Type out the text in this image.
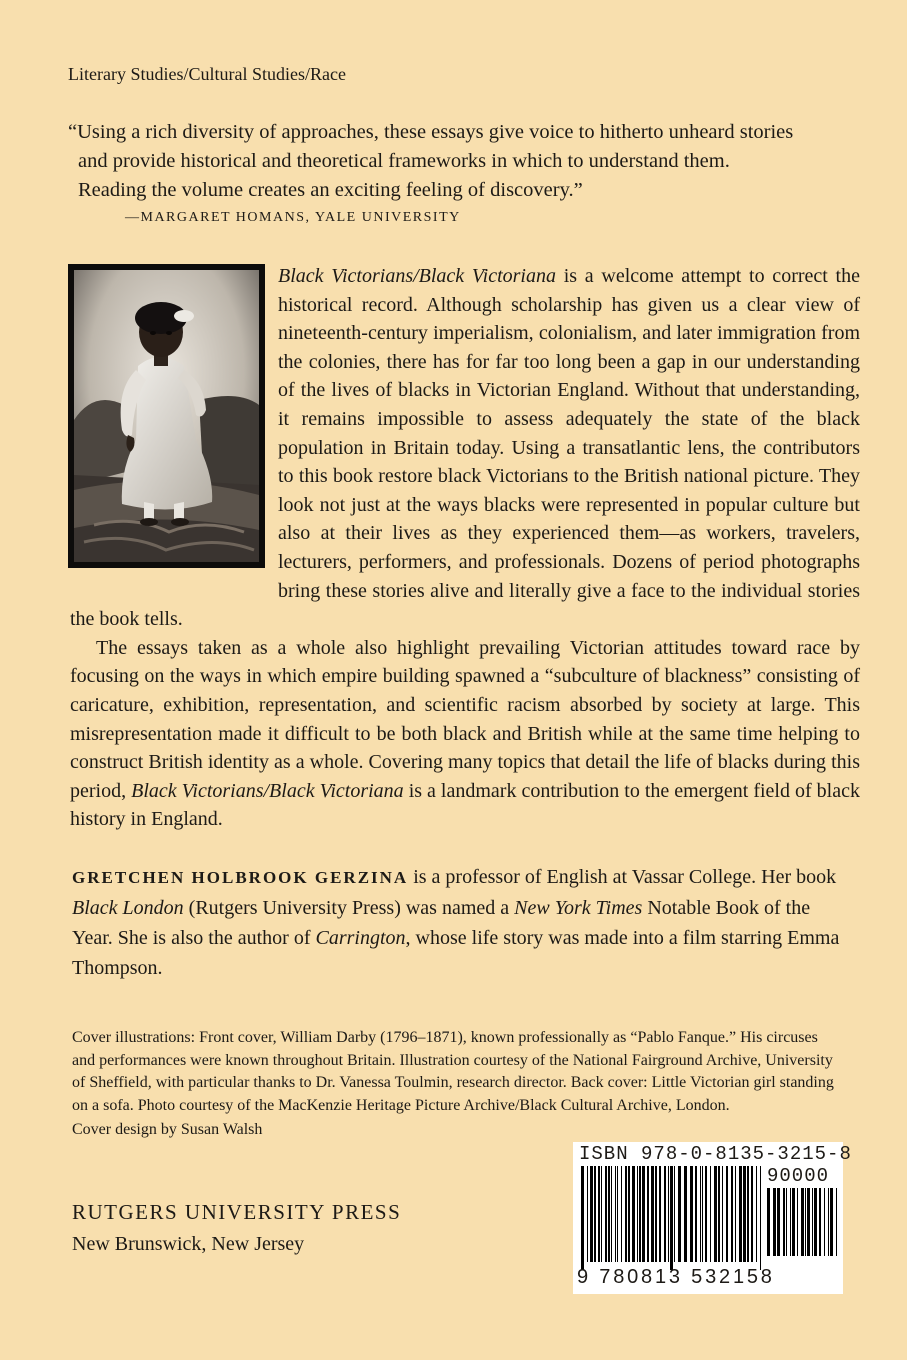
Literary Studies/Cultural Studies/Race
“Using a rich diversity of approaches, these essays give voice to hitherto unheard stories
and provide historical and theoretical frameworks in which to understand them.
Reading the volume creates an exciting feeling of discovery.”
—MARGARET HOMANS, YALE UNIVERSITY

Black Victorians/Black Victoriana is a welcome attempt to correct the historical record. Although scholarship has given us a clear view of nineteenth-century imperialism, colonialism, and later immigration from the colonies, there has for far too long been a gap in our understanding of the lives of blacks in Victorian England. Without that understanding, it remains impossible to assess adequately the state of the black population in Britain today. Using a transatlantic lens, the contributors to this book restore black Victorians to the British national picture. They look not just at the ways blacks were represented in popular culture but also at their lives as they experienced them—as workers, travelers, lecturers, performers, and professionals. Dozens of period photographs bring these stories alive and literally give a face to the individual stories the book tells.

The essays taken as a whole also highlight prevailing Victorian attitudes toward race by focusing on the ways in which empire building spawned a “subculture of blackness” consisting of caricature, exhibition, representation, and scientific racism absorbed by society at large. This misrepresentation made it difficult to be both black and British while at the same time helping to construct British identity as a whole. Covering many topics that detail the life of blacks during this period, Black Victorians/Black Victoriana is a landmark contribution to the emergent field of black history in England.

GRETCHEN HOLBROOK GERZINA is a professor of English at Vassar College. Her book Black London (Rutgers University Press) was named a New York Times Notable Book of the Year. She is also the author of Carrington, whose life story was made into a film starring Emma Thompson.
Cover illustrations: Front cover, William Darby (1796–1871), known professionally as “Pablo Fanque.” His circuses and performances were known throughout Britain. Illustration courtesy of the National Fairground Archive, University of Sheffield, with particular thanks to Dr. Vanessa Toulmin, research director. Back cover: Little Victorian girl standing on a sofa. Photo courtesy of the MacKenzie Heritage Picture Archive/Black Cultural Archive, London.
Cover design by Susan Walsh
RUTGERS UNIVERSITY PRESS
New Brunswick, New Jersey
ISBN 978-0-8135-3215-8
90000
9 780813 532158
